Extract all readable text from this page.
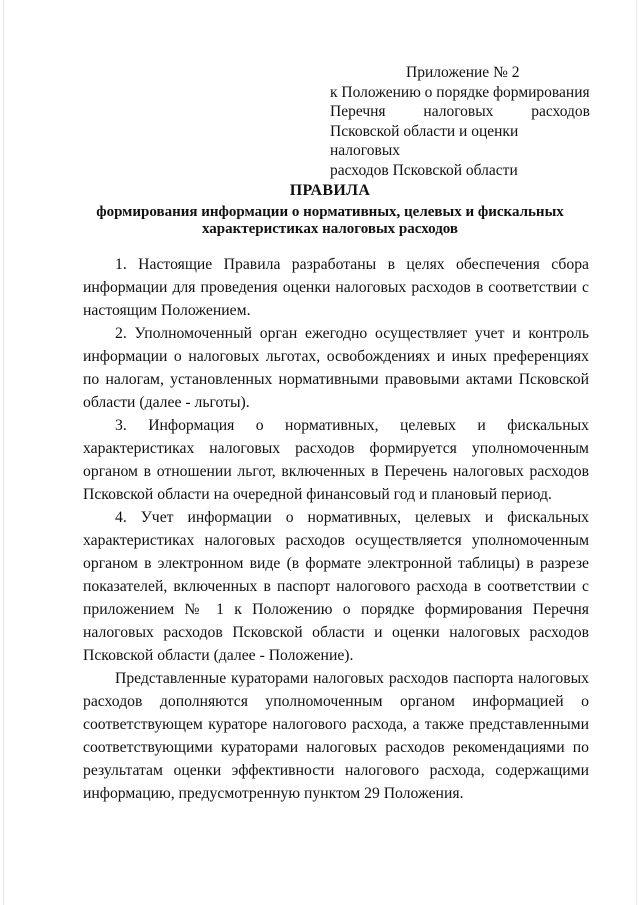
Приложение № 2
к Положению о порядке формирования
Перечня налоговых расходов
Псковской области и оценки налоговых
расходов Псковской области
ПРАВИЛА
формирования информации о нормативных, целевых и фискальных
характеристиках налоговых расходов

1. Настоящие Правила разработаны в целях обеспечения сбора информации для проведения оценки налоговых расходов в соответствии с настоящим Положением.

2. Уполномоченный орган ежегодно осуществляет учет и контроль информации о налоговых льготах, освобождениях и иных преференциях по налогам, установленных нормативными правовыми актами Псковской области (далее - льготы).

3. Информация о нормативных, целевых и фискальных характеристиках налоговых расходов формируется уполномоченным органом в отношении льгот, включенных в Перечень налоговых расходов Псковской области на очередной финансовый год и плановый период.

4. Учет информации о нормативных, целевых и фискальных характеристиках налоговых расходов осуществляется уполномоченным органом в электронном виде (в формате электронной таблицы) в разрезе показателей, включенных в паспорт налогового расхода в соответствии с приложением № 1 к Положению о порядке формирования Перечня налоговых расходов Псковской области и оценки налоговых расходов Псковской области (далее - Положение).

Представленные кураторами налоговых расходов паспорта налоговых расходов дополняются уполномоченным органом информацией о соответствующем кураторе налогового расхода, а также представленными соответствующими кураторами налоговых расходов рекомендациями по результатам оценки эффективности налогового расхода, содержащими информацию, предусмотренную пунктом 29 Положения.
